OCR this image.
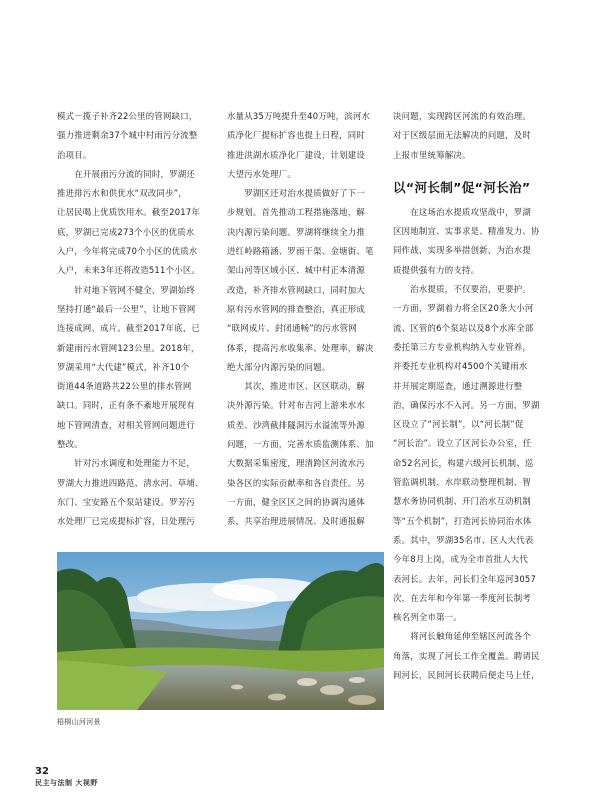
模式－揽子补齐22公里的管网缺口，
强力推进剩余37个城中村雨污分流整
治项目。

　　在开展雨污分流的同时，罗湖还
推进排污水和供优水“双改同步”，
让居民喝上优质饮用水。截至2017年
底，罗湖已完成273个小区的优质水
入户，今年将完成70个小区的优质水
入户，未来3年还将改造511个小区。

　　针对地下管网不健全，罗湖始终
坚持打通“最后一公里”，让地下管网
连接成网、成片。截至2017年底，已
新建雨污水管网123公里。2018年，
罗湖采用“大代建”模式，补齐10个
街道44条道路共22公里的排水管网
缺口。同时，正有条不紊地开展现有
地下管网清查，对相关管网问题进行
整改。

　　针对污水调度和处理能力不足，
罗湖大力推进四路范、清水河、草埔、
东门、宝安路五个泵站建设。罗芳污
水处理厂已完成提标扩容，日处理污

水量从35万吨提升至40万吨，滨河水
质净化厂提标扩容也提上日程，同时
推进洪湖水质净化厂建设，计划建设
大望污水处理厂。

　　罗湖区还对治水提质做好了下一
步规划。首先推动工程措施落地，解
决内源污染问题。罗湖将继续全力推
进红岭路箱涵、罗雨干渠、金塘街、笔
架山河等区域小区、城中村正本清源
改造，补齐排水管网缺口，同时加大
原有污水管网的排查整治，真正形成
“联网成片、封闭通畅”的污水管网
体系，提高污水收集率、处理率，解决
绝大部分内源污染的问题。

　　其次，推进市区、区区联动，解
决外源污染。针对布吉河上游来水水
质差、沙湾截排隧洞污水溢流等外源
问题，一方面，完善水质监测体系、加
大数据采集密度，理清跨区河流水污
染各区的实际贡献率和各自责任。另
一方面，健全区区之间的协调沟通体
系，共享治理进展情况、及时通报解

决问题，实现跨区河流的有效治理。
对于区级层面无法解决的问题，及时
上报市里统筹解决。

　　在这场治水提质攻坚战中，罗湖
区因地制宜、实事求是、精准发力、协
同作战，实现多举措创新，为治水提
质提供强有力的支持。

　　治水提质，不仅要治，更要护。
一方面，罗湖着力将全区20条大小河
流、区管的6个泵站以及8个水库全部
委托第三方专业机构纳入专业管养，
并委托专业机构对4500个关键雨水
井开展定期巡查，通过溯源进行整
治，确保污水不入河。另一方面，罗湖
区设立了“河长制”，以“河长制”促
“河长治”。设立了区河长办公室，任
命52名河长，构建六级河长机制、巡
管监调机制、水岸联动整理机制、智
慧水务协同机制、开门治水互动机制
等“五个机制”，打造河长协同治水体
系。其中，罗湖35名市、区人大代表
今年8月上岗，成为全市首批人大代
表河长。去年，河长们全年巡河3057
次，在去年和今年第一季度河长制考
核名列全市第一。

　　将河长触角延伸至辖区河流各个
角落，实现了河长工作全覆盖。聘请民
间河长，民间河长获聘后便走马上任，

以“河长制”促“河长治”
梧桐山河河景
32
民主与法制 大视野
